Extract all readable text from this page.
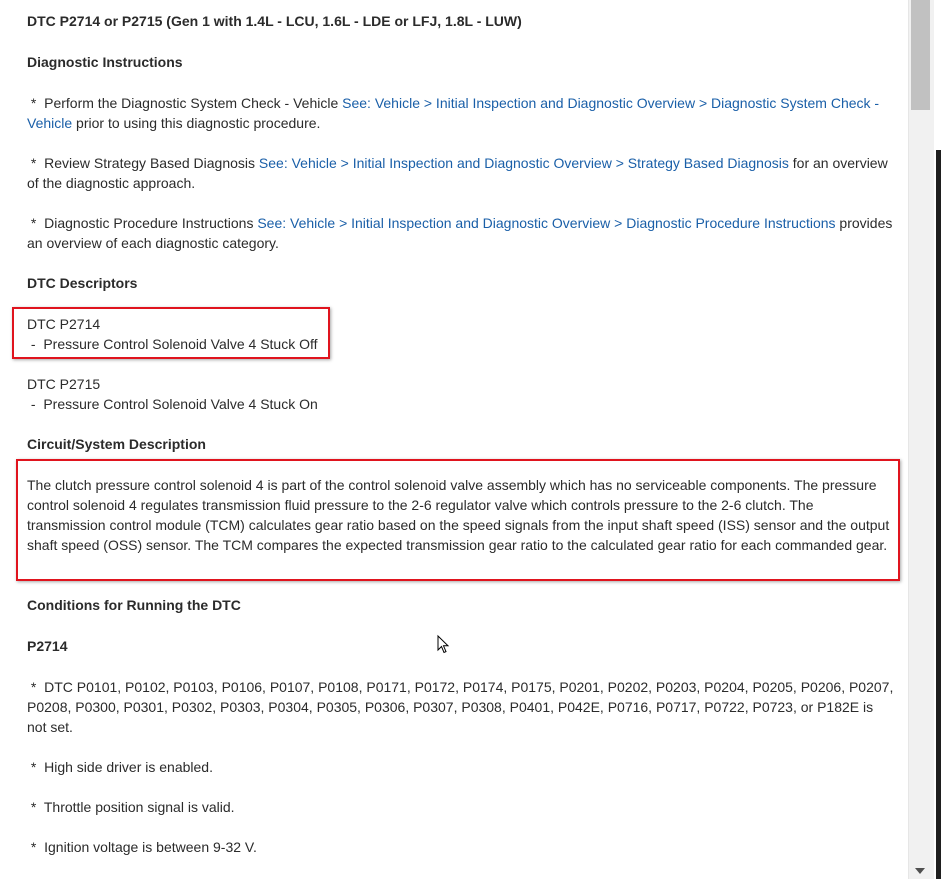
DTC P2714 or P2715 (Gen 1 with 1.4L - LCU, 1.6L - LDE or LFJ, 1.8L - LUW)

Diagnostic Instructions

*  Perform the Diagnostic System Check - Vehicle See: Vehicle > Initial Inspection and Diagnostic Overview > Diagnostic System Check - Vehicle prior to using this diagnostic procedure.

*  Review Strategy Based Diagnosis See: Vehicle > Initial Inspection and Diagnostic Overview > Strategy Based Diagnosis for an overview of the diagnostic approach.

*  Diagnostic Procedure Instructions See: Vehicle > Initial Inspection and Diagnostic Overview > Diagnostic Procedure Instructions provides an overview of each diagnostic category.

DTC Descriptors

DTC P2714

-  Pressure Control Solenoid Valve 4 Stuck Off

DTC P2715

-  Pressure Control Solenoid Valve 4 Stuck On

Circuit/System Description

The clutch pressure control solenoid 4 is part of the control solenoid valve assembly which has no serviceable components. The pressure control solenoid 4 regulates transmission fluid pressure to the 2-6 regulator valve which controls pressure to the 2-6 clutch. The transmission control module (TCM) calculates gear ratio based on the speed signals from the input shaft speed (ISS) sensor and the output shaft speed (OSS) sensor. The TCM compares the expected transmission gear ratio to the calculated gear ratio for each commanded gear.

Conditions for Running the DTC

P2714

*  DTC P0101, P0102, P0103, P0106, P0107, P0108, P0171, P0172, P0174, P0175, P0201, P0202, P0203, P0204, P0205, P0206, P0207, P0208, P0300, P0301, P0302, P0303, P0304, P0305, P0306, P0307, P0308, P0401, P042E, P0716, P0717, P0722, P0723, or P182E is not set.

*  High side driver is enabled.

*  Throttle position signal is valid.

*  Ignition voltage is between 9-32 V.
